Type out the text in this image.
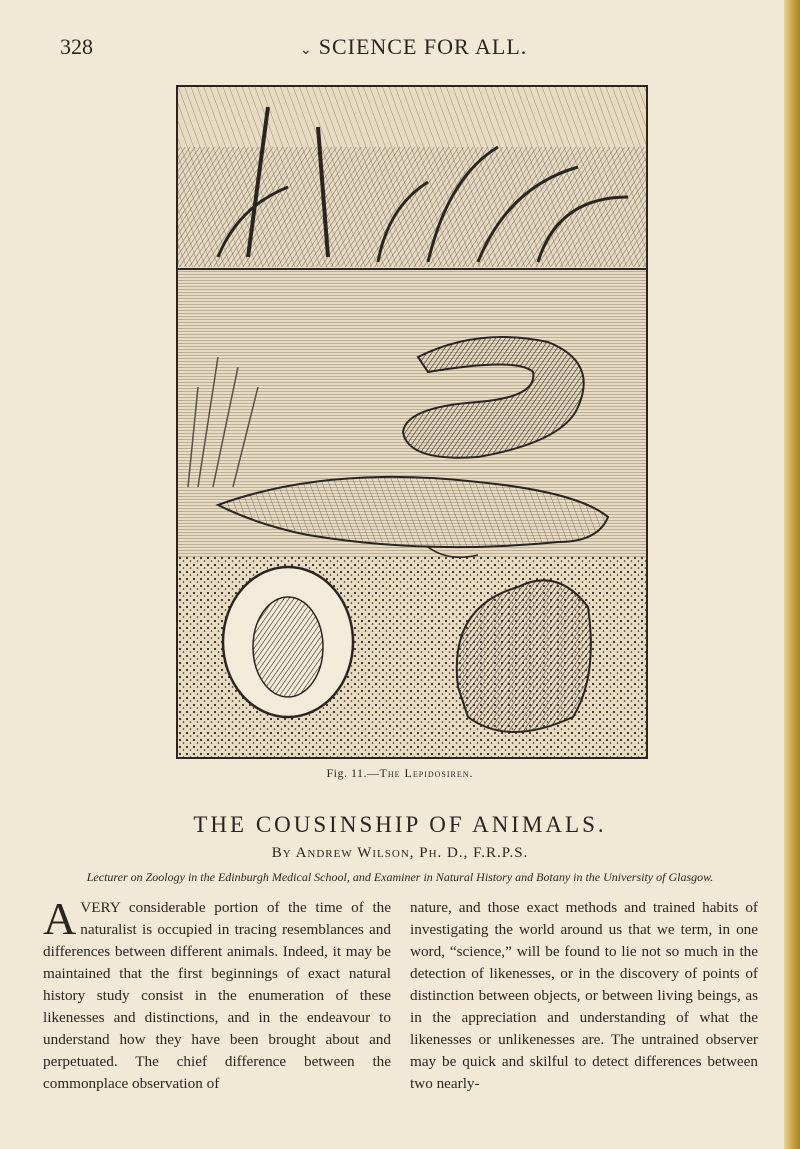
328	⌄ SCIENCE FOR ALL.
Fig. 11.—The Lepidosiren.
THE COUSINSHIP OF ANIMALS.
By Andrew Wilson, Ph. D., F.R.P.S.
Lecturer on Zoology in the Edinburgh Medical School, and Examiner in Natural History and Botany in the University of Glasgow.
AVERY considerable portion of the time of the naturalist is occupied in tracing resemblances and differences between different animals. Indeed, it may be maintained that the first beginnings of exact natural history study consist in the enumeration of these likenesses and distinctions, and in the endeavour to understand how they have been brought about and perpetuated. The chief difference between the commonplace observation of
nature, and those exact methods and trained habits of investigating the world around us that we term, in one word, “science,” will be found to lie not so much in the detection of likenesses, or in the discovery of points of distinction between objects, or between living beings, as in the appreciation and understanding of what the likenesses or unlikenesses are. The untrained observer may be quick and skilful to detect differences between two nearly-
